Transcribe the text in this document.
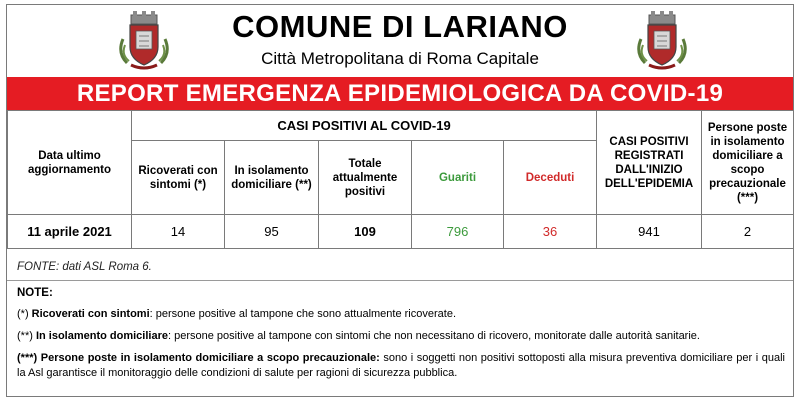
COMUNE DI LARIANO
Città Metropolitana di Roma Capitale
REPORT EMERGENZA EPIDEMIOLOGICA DA COVID-19
Data ultimo aggiornamento	CASI POSITIVI AL COVID-19					CASI POSITIVI REGISTRATI DALL'INIZIO DELL'EPIDEMIA	Persone poste in isolamento domiciliare a scopo precauzionale (***)
	Ricoverati con sintomi (*)	In isolamento domiciliare (**)	Totale attualmente positivi	Guariti	Deceduti		
11 aprile 2021	14	95	109	796	36	941	2
FONTE: dati ASL Roma 6.
NOTE:

(*) Ricoverati con sintomi: persone positive al tampone che sono attualmente ricoverate.

(**) In isolamento domiciliare: persone positive al tampone con sintomi che non necessitano di ricovero, monitorate dalle autorità sanitarie.

(***) Persone poste in isolamento domiciliare a scopo precauzionale: sono i soggetti non positivi sottoposti alla misura preventiva domiciliare per i quali la Asl garantisce il monitoraggio delle condizioni di salute per ragioni di sicurezza pubblica.
